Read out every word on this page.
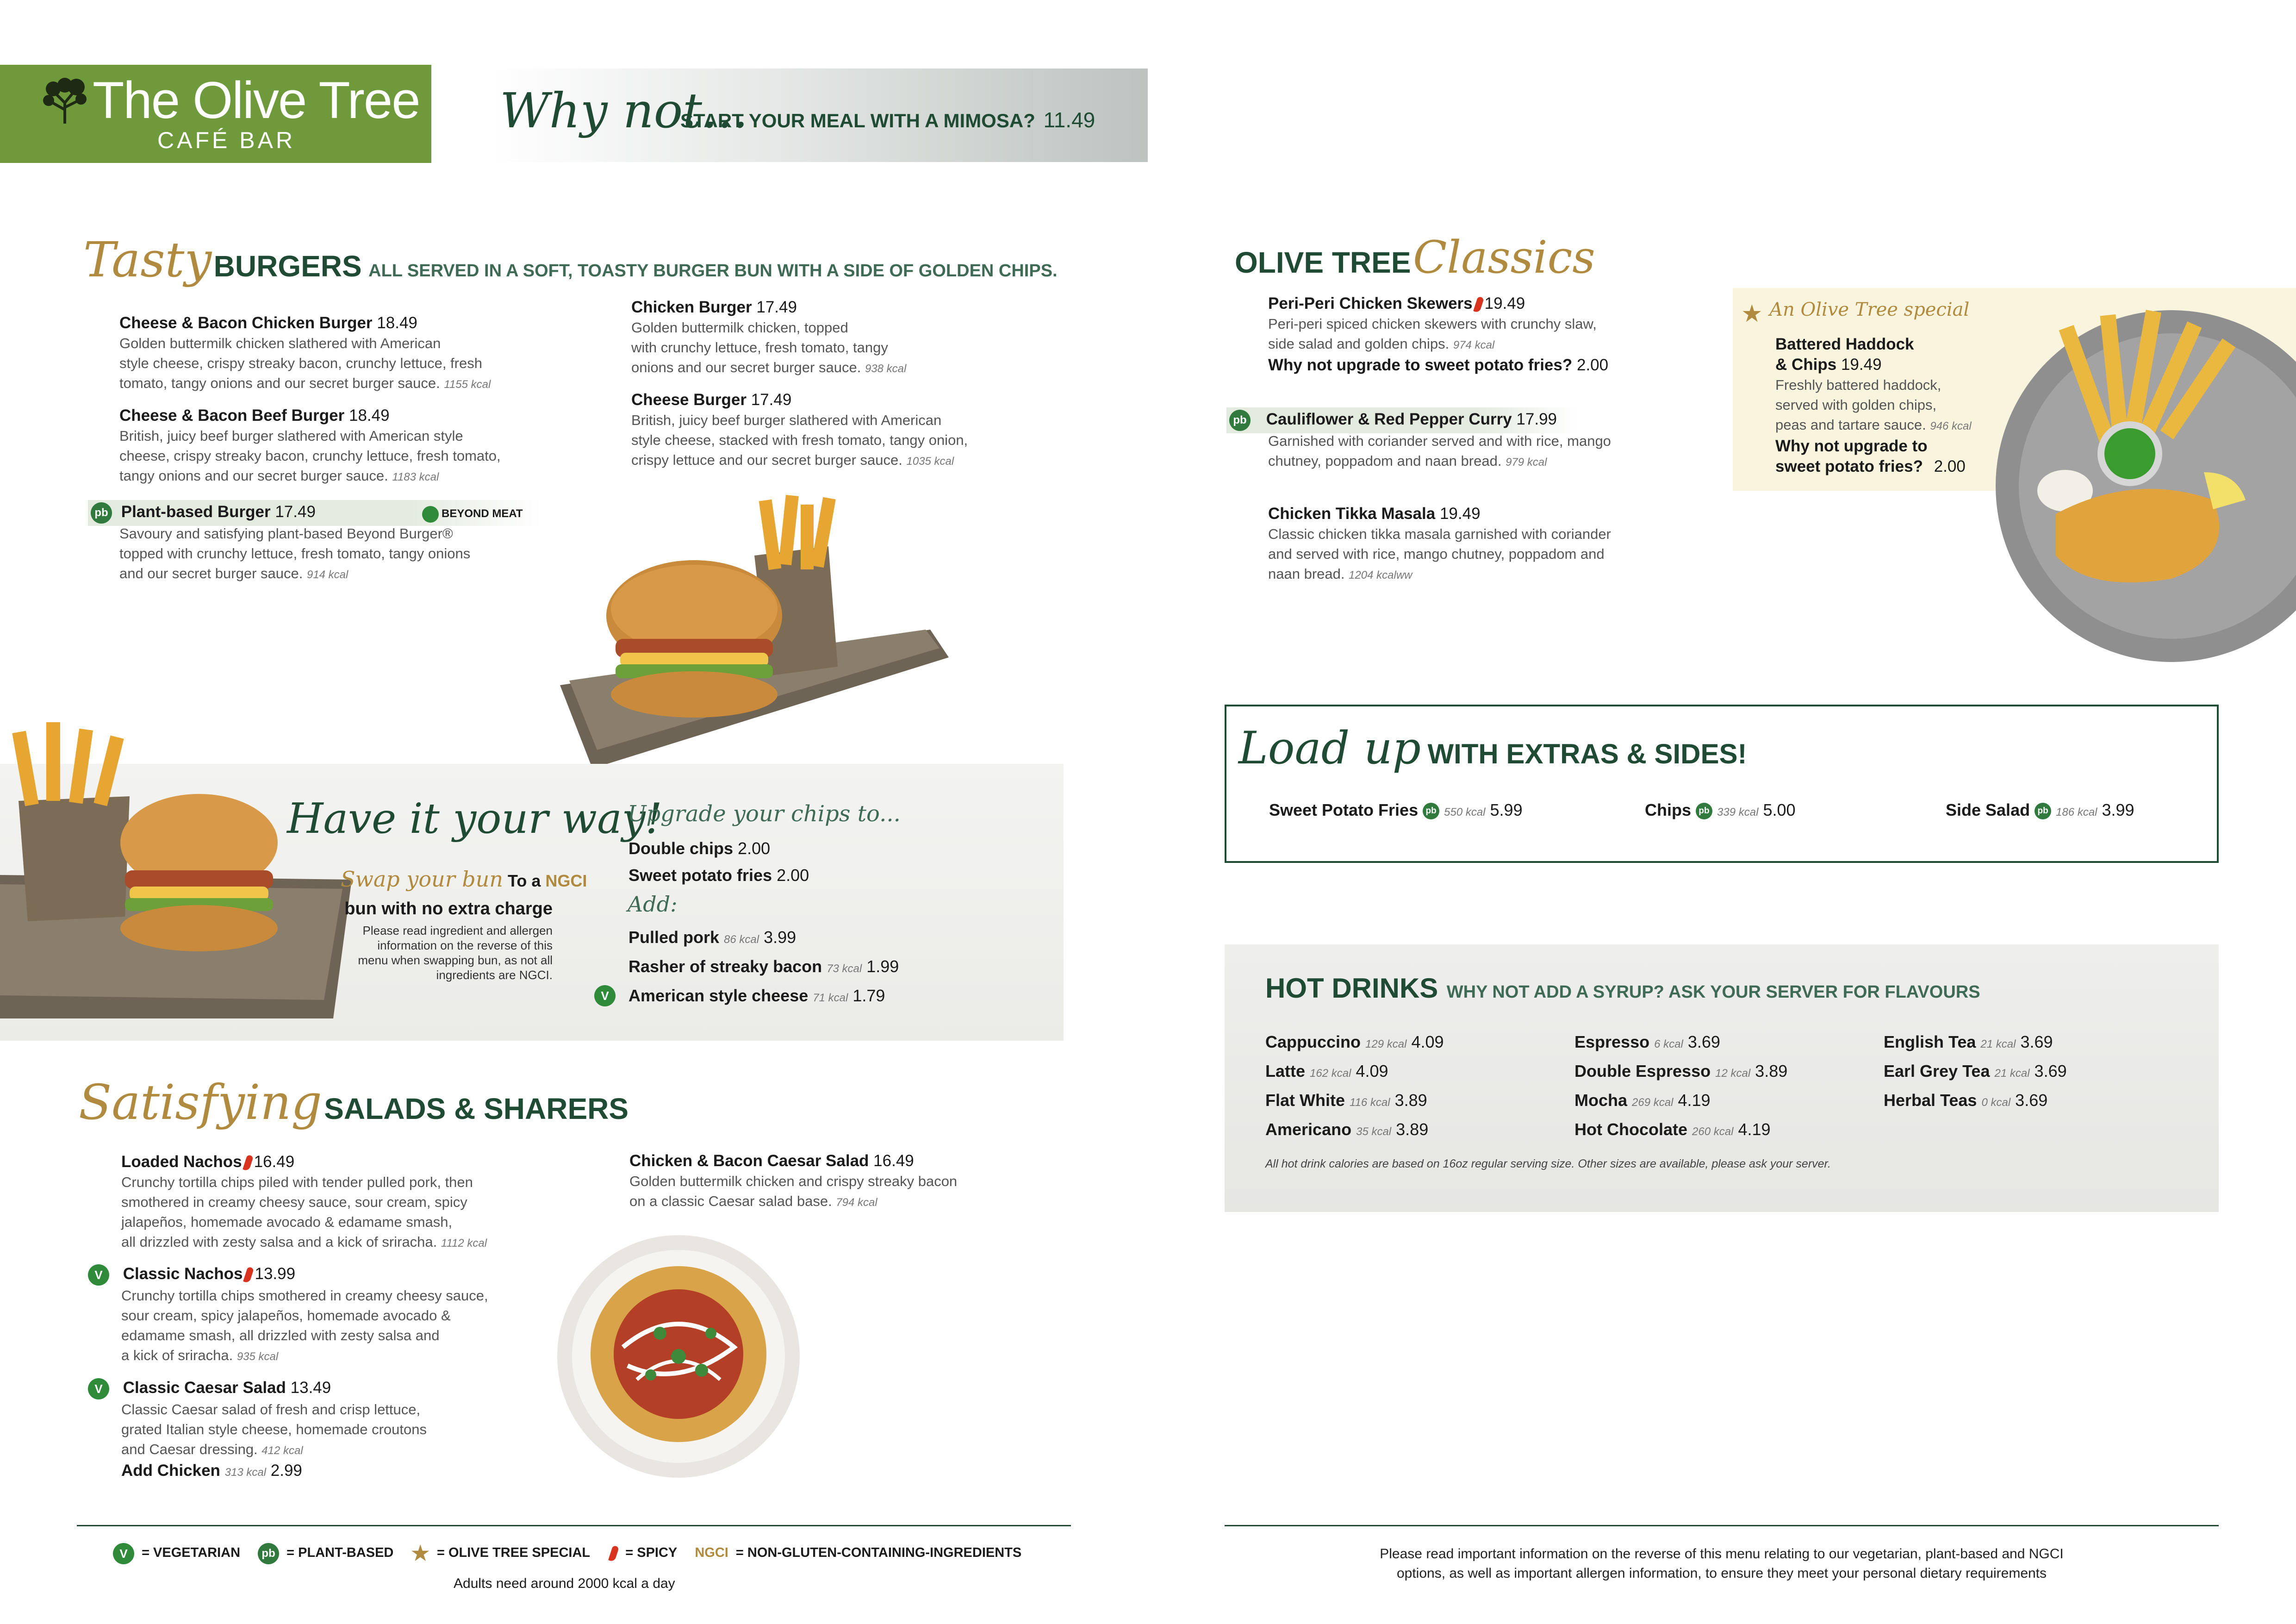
The Olive Tree
CAFÉ BAR
Why not...
START YOUR MEAL WITH A MIMOSA? 11.49
Tasty BURGERS ALL SERVED IN A SOFT, TOASTY BURGER BUN WITH A SIDE OF GOLDEN CHIPS.
Cheese & Bacon Chicken Burger 18.49
Golden buttermilk chicken slathered with American
style cheese, crispy streaky bacon, crunchy lettuce, fresh
tomato, tangy onions and our secret burger sauce. 1155 kcal
Cheese & Bacon Beef Burger 18.49
British, juicy beef burger slathered with American style
cheese, crispy streaky bacon, crunchy lettuce, fresh tomato,
tangy onions and our secret burger sauce. 1183 kcal
pb Plant-based Burger 17.49	BEYOND MEAT
Savoury and satisfying plant-based Beyond Burger®
topped with crunchy lettuce, fresh tomato, tangy onions
and our secret burger sauce. 914 kcal
Chicken Burger 17.49
Golden buttermilk chicken, topped
with crunchy lettuce, fresh tomato, tangy
onions and our secret burger sauce. 938 kcal
Cheese Burger 17.49
British, juicy beef burger slathered with American
style cheese, stacked with fresh tomato, tangy onion,
crispy lettuce and our secret burger sauce. 1035 kcal
Have it your way!
Swap your bun To a NGCI
bun with no extra charge
Please read ingredient and allergen
information on the reverse of this
menu when swapping bun, as not all
ingredients are NGCI.
Upgrade your chips to...
Double chips 2.00
Sweet potato fries 2.00
Add:
Pulled pork 86 kcal 3.99
Rasher of streaky bacon 73 kcal 1.99
V	American style cheese 71 kcal 1.79
Satisfying SALADS & SHARERS
Loaded Nachos 16.49
Crunchy tortilla chips piled with tender pulled pork, then
smothered in creamy cheesy sauce, sour cream, spicy
jalapeños, homemade avocado & edamame smash,
all drizzled with zesty salsa and a kick of sriracha. 1112 kcal
V Classic Nachos 13.99
Crunchy tortilla chips smothered in creamy cheesy sauce,
sour cream, spicy jalapeños, homemade avocado &
edamame smash, all drizzled with zesty salsa and
a kick of sriracha. 935 kcal
V Classic Caesar Salad 13.49
Classic Caesar salad of fresh and crisp lettuce,
grated Italian style cheese, homemade croutons
and Caesar dressing. 412 kcal
Add Chicken 313 kcal 2.99
Chicken & Bacon Caesar Salad 16.49
Golden buttermilk chicken and crispy streaky bacon
on a classic Caesar salad base. 794 kcal
V = VEGETARIAN pb = PLANT-BASED ★ = OLIVE TREE SPECIAL	= SPICY NGCI = NON-GLUTEN-CONTAINING-INGREDIENTS
Adults need around 2000 kcal a day
OLIVE TREE Classics
Peri-Peri Chicken Skewers 19.49
Peri-peri spiced chicken skewers with crunchy slaw,
side salad and golden chips. 974 kcal
Why not upgrade to sweet potato fries? 2.00
pb Cauliflower & Red Pepper Curry 17.99
Garnished with coriander served and with rice, mango
chutney, poppadom and naan bread. 979 kcal
Chicken Tikka Masala 19.49
Classic chicken tikka masala garnished with coriander
and served with rice, mango chutney, poppadom and
naan bread. 1204 kcalww
★ An Olive Tree special
Battered Haddock
& Chips 19.49
Freshly battered haddock,
served with golden chips,
peas and tartare sauce. 946 kcal
Why not upgrade to
sweet potato fries? 2.00
Load up WITH EXTRAS & SIDES!
Sweet Potato Fries pb 550 kcal 5.99	Chips pb 339 kcal 5.00	Side Salad pb 186 kcal 3.99
HOT DRINKS WHY NOT ADD A SYRUP? ASK YOUR SERVER FOR FLAVOURS
Cappuccino 129 kcal 4.09
Latte 162 kcal 4.09
Flat White 116 kcal 3.89
Americano 35 kcal 3.89
Espresso 6 kcal 3.69
Double Espresso 12 kcal 3.89
Mocha 269 kcal 4.19
Hot Chocolate 260 kcal 4.19
English Tea 21 kcal 3.69
Earl Grey Tea 21 kcal 3.69
Herbal Teas 0 kcal 3.69
All hot drink calories are based on 16oz regular serving size. Other sizes are available, please ask your server.
Please read important information on the reverse of this menu relating to our vegetarian, plant-based and NGCI
options, as well as important allergen information, to ensure they meet your personal dietary requirements
